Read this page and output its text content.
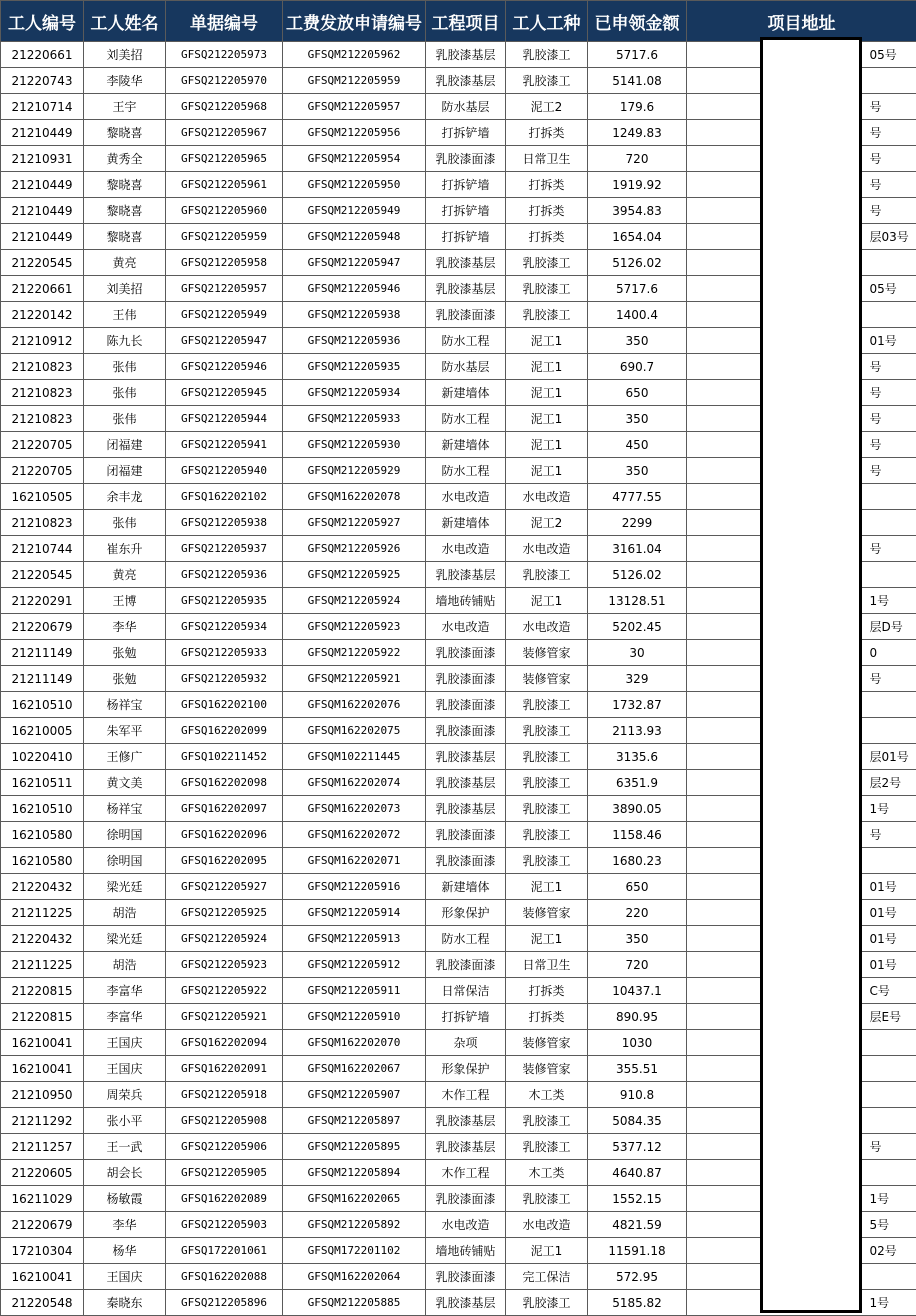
工人编号	工人姓名	单据编号	工费发放申请编号	工程项目	工人工种	已申领金额	项目地址
21220661	刘美招	GFSQ212205973	GFSQM212205962	乳胶漆基层	乳胶漆工	5717.6	05号
21220743	李陵华	GFSQ212205970	GFSQM212205959	乳胶漆基层	乳胶漆工	5141.08	
21210714	王宇	GFSQ212205968	GFSQM212205957	防水基层	泥工2	179.6	号
21210449	黎晓喜	GFSQ212205967	GFSQM212205956	打拆铲墙	打拆类	1249.83	号
21210931	黄秀全	GFSQ212205965	GFSQM212205954	乳胶漆面漆	日常卫生	720	号
21210449	黎晓喜	GFSQ212205961	GFSQM212205950	打拆铲墙	打拆类	1919.92	号
21210449	黎晓喜	GFSQ212205960	GFSQM212205949	打拆铲墙	打拆类	3954.83	号
21210449	黎晓喜	GFSQ212205959	GFSQM212205948	打拆铲墙	打拆类	1654.04	层03号
21220545	黄亮	GFSQ212205958	GFSQM212205947	乳胶漆基层	乳胶漆工	5126.02	
21220661	刘美招	GFSQ212205957	GFSQM212205946	乳胶漆基层	乳胶漆工	5717.6	05号
21220142	王伟	GFSQ212205949	GFSQM212205938	乳胶漆面漆	乳胶漆工	1400.4	
21210912	陈九长	GFSQ212205947	GFSQM212205936	防水工程	泥工1	350	01号
21210823	张伟	GFSQ212205946	GFSQM212205935	防水基层	泥工1	690.7	号
21210823	张伟	GFSQ212205945	GFSQM212205934	新建墙体	泥工1	650	号
21210823	张伟	GFSQ212205944	GFSQM212205933	防水工程	泥工1	350	号
21220705	闭福建	GFSQ212205941	GFSQM212205930	新建墙体	泥工1	450	号
21220705	闭福建	GFSQ212205940	GFSQM212205929	防水工程	泥工1	350	号
16210505	余丰龙	GFSQ162202102	GFSQM162202078	水电改造	水电改造	4777.55	
21210823	张伟	GFSQ212205938	GFSQM212205927	新建墙体	泥工2	2299	
21210744	崔东升	GFSQ212205937	GFSQM212205926	水电改造	水电改造	3161.04	号
21220545	黄亮	GFSQ212205936	GFSQM212205925	乳胶漆基层	乳胶漆工	5126.02	
21220291	王博	GFSQ212205935	GFSQM212205924	墙地砖铺贴	泥工1	13128.51	1号
21220679	李华	GFSQ212205934	GFSQM212205923	水电改造	水电改造	5202.45	层D号
21211149	张勉	GFSQ212205933	GFSQM212205922	乳胶漆面漆	装修管家	30	0
21211149	张勉	GFSQ212205932	GFSQM212205921	乳胶漆面漆	装修管家	329	号
16210510	杨祥宝	GFSQ162202100	GFSQM162202076	乳胶漆面漆	乳胶漆工	1732.87	
16210005	朱军平	GFSQ162202099	GFSQM162202075	乳胶漆面漆	乳胶漆工	2113.93	
10220410	王修广	GFSQ102211452	GFSQM102211445	乳胶漆基层	乳胶漆工	3135.6	层01号
16210511	黄文美	GFSQ162202098	GFSQM162202074	乳胶漆基层	乳胶漆工	6351.9	层2号
16210510	杨祥宝	GFSQ162202097	GFSQM162202073	乳胶漆基层	乳胶漆工	3890.05	1号
16210580	徐明国	GFSQ162202096	GFSQM162202072	乳胶漆面漆	乳胶漆工	1158.46	号
16210580	徐明国	GFSQ162202095	GFSQM162202071	乳胶漆面漆	乳胶漆工	1680.23	
21220432	梁光廷	GFSQ212205927	GFSQM212205916	新建墙体	泥工1	650	01号
21211225	胡浩	GFSQ212205925	GFSQM212205914	形象保护	装修管家	220	01号
21220432	梁光廷	GFSQ212205924	GFSQM212205913	防水工程	泥工1	350	01号
21211225	胡浩	GFSQ212205923	GFSQM212205912	乳胶漆面漆	日常卫生	720	01号
21220815	李富华	GFSQ212205922	GFSQM212205911	日常保洁	打拆类	10437.1	C号
21220815	李富华	GFSQ212205921	GFSQM212205910	打拆铲墙	打拆类	890.95	层E号
16210041	王国庆	GFSQ162202094	GFSQM162202070	杂项	装修管家	1030	
16210041	王国庆	GFSQ162202091	GFSQM162202067	形象保护	装修管家	355.51	
21210950	周荣兵	GFSQ212205918	GFSQM212205907	木作工程	木工类	910.8	
21211292	张小平	GFSQ212205908	GFSQM212205897	乳胶漆基层	乳胶漆工	5084.35	
21211257	王一武	GFSQ212205906	GFSQM212205895	乳胶漆基层	乳胶漆工	5377.12	号
21220605	胡会长	GFSQ212205905	GFSQM212205894	木作工程	木工类	4640.87	
16211029	杨敏霞	GFSQ162202089	GFSQM162202065	乳胶漆面漆	乳胶漆工	1552.15	1号
21220679	李华	GFSQ212205903	GFSQM212205892	水电改造	水电改造	4821.59	5号
17210304	杨华	GFSQ172201061	GFSQM172201102	墙地砖铺贴	泥工1	11591.18	02号
16210041	王国庆	GFSQ162202088	GFSQM162202064	乳胶漆面漆	完工保洁	572.95	
21220548	秦晓东	GFSQ212205896	GFSQM212205885	乳胶漆基层	乳胶漆工	5185.82	1号
